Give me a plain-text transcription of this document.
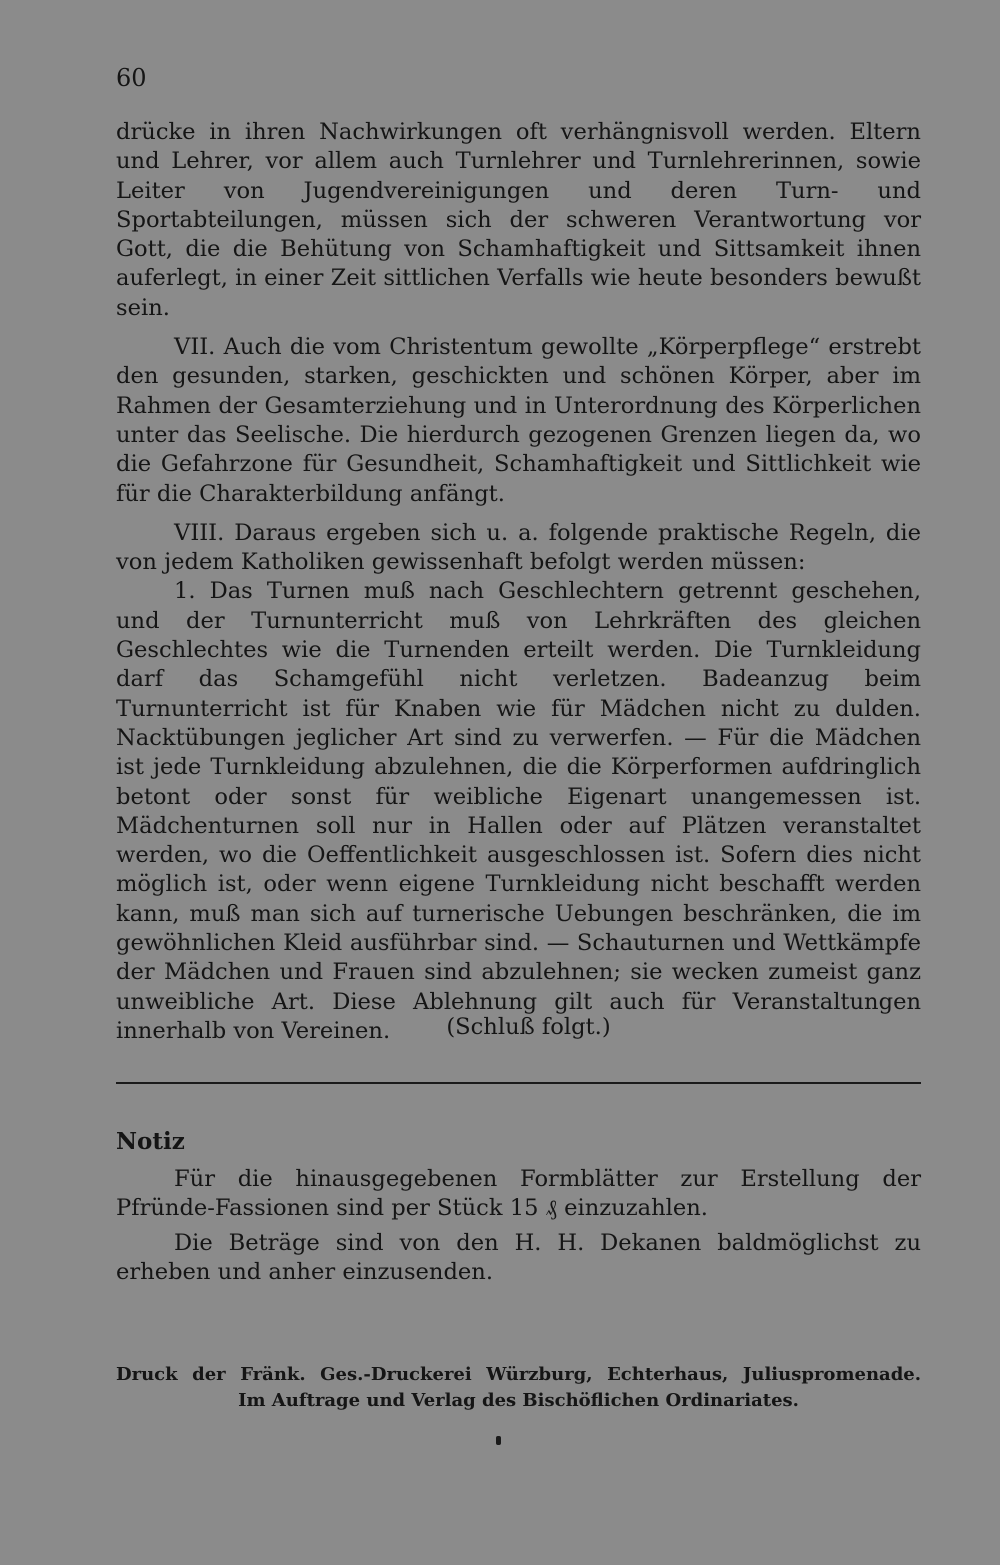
60

drücke in ihren Nachwirkungen oft verhängnisvoll werden. Eltern und Lehrer, vor allem auch Turnlehrer und Turnlehrerinnen, sowie Leiter von Jugendvereinigungen und deren Turn- und Sportabteilungen, müssen sich der schweren Verantwortung vor Gott, die die Behütung von Schamhaftigkeit und Sittsamkeit ihnen auferlegt, in einer Zeit sittlichen Verfalls wie heute besonders bewußt sein.

VII. Auch die vom Christentum gewollte „Körperpflege“ erstrebt den gesunden, starken, geschickten und schönen Körper, aber im Rahmen der Gesamterziehung und in Unterordnung des Körperlichen unter das Seelische. Die hierdurch gezogenen Grenzen liegen da, wo die Gefahrzone für Gesundheit, Schamhaftigkeit und Sittlichkeit wie für die Charakterbildung anfängt.

VIII. Daraus ergeben sich u. a. folgende praktische Regeln, die von jedem Katholiken gewissenhaft befolgt werden müssen:

1. Das Turnen muß nach Geschlechtern getrennt geschehen, und der Turnunterricht muß von Lehrkräften des gleichen Geschlechtes wie die Turnenden erteilt werden. Die Turnkleidung darf das Schamgefühl nicht verletzen. Badeanzug beim Turnunterricht ist für Knaben wie für Mädchen nicht zu dulden. Nacktübungen jeglicher Art sind zu verwerfen. — Für die Mädchen ist jede Turnkleidung abzulehnen, die die Körperformen aufdringlich betont oder sonst für weibliche Eigenart unangemessen ist. Mädchenturnen soll nur in Hallen oder auf Plätzen veranstaltet werden, wo die Oeffentlichkeit ausgeschlossen ist. Sofern dies nicht möglich ist, oder wenn eigene Turnkleidung nicht beschafft werden kann, muß man sich auf turnerische Uebungen beschränken, die im gewöhnlichen Kleid ausführbar sind. — Schauturnen und Wettkämpfe der Mädchen und Frauen sind abzulehnen; sie wecken zumeist ganz unweibliche Art. Diese Ablehnung gilt auch für Veranstaltungen innerhalb von Vereinen.	(Schluß folgt.)
Notiz

Für die hinausgegebenen Formblätter zur Erstellung der Pfründe-Fassionen sind per Stück 15 ₰ einzuzahlen.

Die Beträge sind von den H. H. Dekanen baldmöglichst zu erheben und anher einzusenden.

Druck der Fränk. Ges.-Druckerei Würzburg, Echterhaus, Juliuspromenade.
Im Auftrage und Verlag des Bischöflichen Ordinariates.
